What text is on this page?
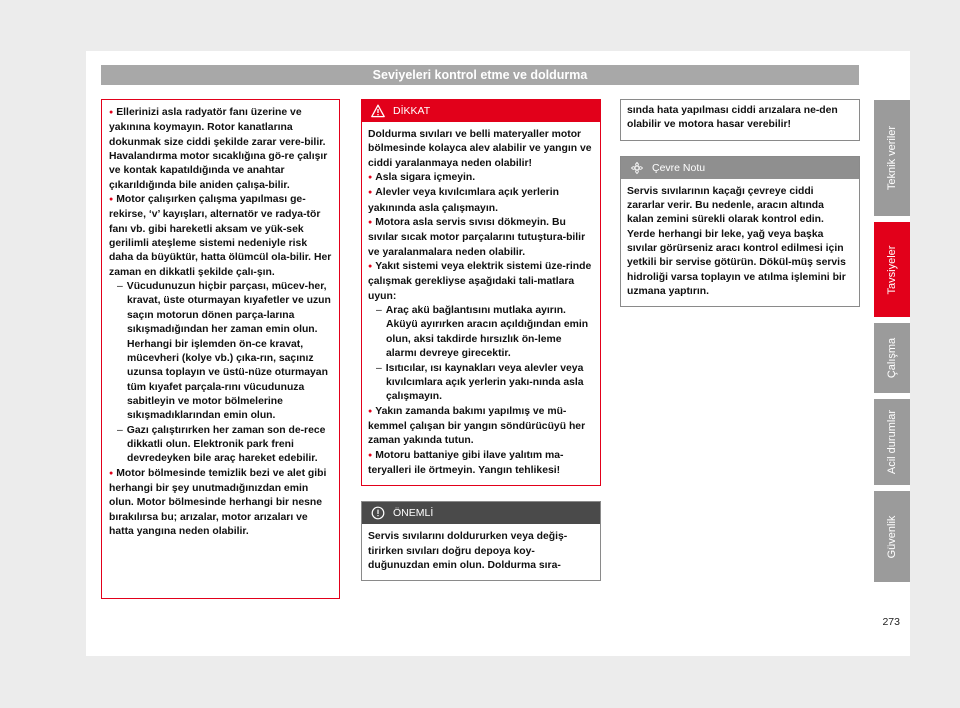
Seviyeleri kontrol etme ve doldurma

● Ellerinizi asla radyatör fanı üzerine ve yakınına koymayın. Rotor kanatlarına dokunmak size ciddi şekilde zarar vere-bilir. Havalandırma motor sıcaklığına gö-re çalışır ve kontak kapatıldığında ve anahtar çıkarıldığında bile aniden çalışa-bilir.

● Motor çalışırken çalışma yapılması ge-rekirse, ‘v’ kayışları, alternatör ve radya-tör fanı vb. gibi hareketli aksam ve yük-sek gerilimli ateşleme sistemi nedeniyle risk daha da büyüktür, hatta ölümcül ola-bilir. Her zaman en dikkatli şekilde çalı-şın.

– Vücudunuzun hiçbir parçası, mücev-her, kravat, üste oturmayan kıyafetler ve uzun saçın motorun dönen parça-larına sıkışmadığından her zaman emin olun. Herhangi bir işlemden ön-ce kravat, mücevheri (kolye vb.) çıka-rın, saçınız uzunsa toplayın ve üstü-nüze oturmayan tüm kıyafet parçala-rını vücudunuza sabitleyin ve motor bölmelerine sıkışmadıklarından emin olun.

– Gazı çalıştırırken her zaman son de-rece dikkatli olun. Elektronik park freni devredeyken bile araç hareket edebilir.

● Motor bölmesinde temizlik bezi ve alet gibi herhangi bir şey unutmadığınızdan emin olun. Motor bölmesinde herhangi bir nesne bırakılırsa bu; arızalar, motor arızaları ve hatta yangına neden olabilir.

DİKKAT

Doldurma sıvıları ve belli materyaller motor bölmesinde kolayca alev alabilir ve yangın ve ciddi yaralanmaya neden olabilir!

● Asla sigara içmeyin.

● Alevler veya kıvılcımlara açık yerlerin yakınında asla çalışmayın.

● Motora asla servis sıvısı dökmeyin. Bu sıvılar sıcak motor parçalarını tutuştura-bilir ve yaralanmalara neden olabilir.

● Yakıt sistemi veya elektrik sistemi üze-rinde çalışmak gerekliyse aşağıdaki tali-matlara uyun:

– Araç akü bağlantısını mutlaka ayırın. Aküyü ayırırken aracın açıldığından emin olun, aksi takdirde hırsızlık ön-leme alarmı devreye girecektir.

– Isıtıcılar, ısı kaynakları veya alevler veya kıvılcımlara açık yerlerin yakı-nında asla çalışmayın.

● Yakın zamanda bakımı yapılmış ve mü-kemmel çalışan bir yangın söndürücüyü her zaman yakında tutun.

● Motoru battaniye gibi ilave yalıtım ma-teryalleri ile örtmeyin. Yangın tehlikesi!

ÖNEMLİ

Servis sıvılarını doldururken veya değiş-tirirken sıvıları doğru depoya koy-duğunuzdan emin olun. Doldurma sıra-

sında hata yapılması ciddi arızalara ne-den olabilir ve motora hasar verebilir!

Çevre Notu

Servis sıvılarının kaçağı çevreye ciddi zararlar verir. Bu nedenle, aracın altında kalan zemini sürekli olarak kontrol edin. Yerde herhangi bir leke, yağ veya başka sıvılar görürseniz aracı kontrol edilmesi için yetkili bir servise götürün. Dökül-müş servis hidroliği varsa toplayın ve atılma işlemini bir uzmana yaptırın.

Teknik veriler
Tavsiyeler
Çalışma
Acil durumlar
Güvenlik
273
